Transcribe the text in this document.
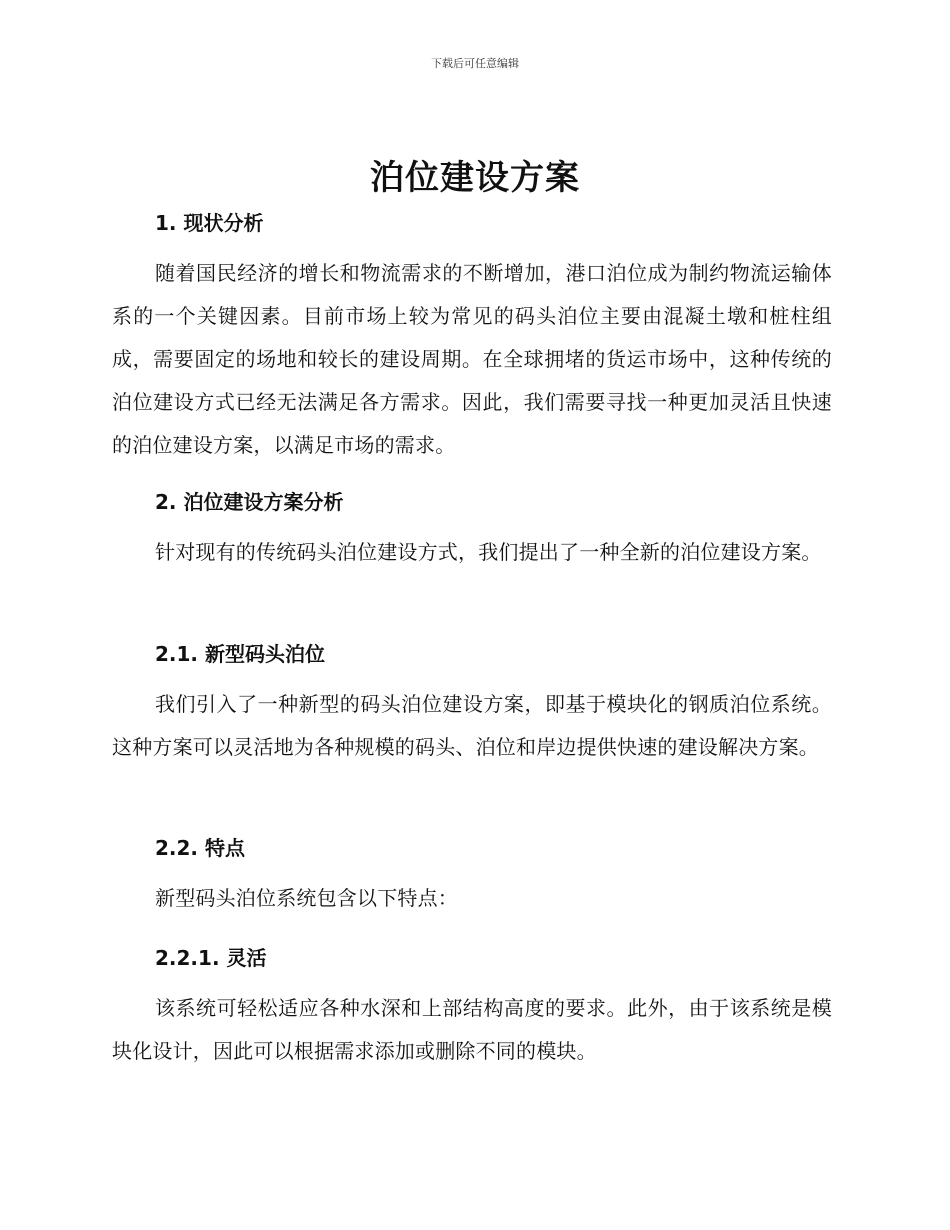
下载后可任意编辑
泊位建设方案
1. 现状分析

随着国民经济的增长和物流需求的不断增加，港口泊位成为制约物流运输体系的一个关键因素。目前市场上较为常见的码头泊位主要由混凝土墩和桩柱组成，需要固定的场地和较长的建设周期。在全球拥堵的货运市场中，这种传统的泊位建设方式已经无法满足各方需求。因此，我们需要寻找一种更加灵活且快速的泊位建设方案，以满足市场的需求。

2. 泊位建设方案分析

针对现有的传统码头泊位建设方式，我们提出了一种全新的泊位建设方案。

2.1. 新型码头泊位

我们引入了一种新型的码头泊位建设方案，即基于模块化的钢质泊位系统。这种方案可以灵活地为各种规模的码头、泊位和岸边提供快速的建设解决方案。

2.2. 特点

新型码头泊位系统包含以下特点：

2.2.1. 灵活

该系统可轻松适应各种水深和上部结构高度的要求。此外，由于该系统是模块化设计，因此可以根据需求添加或删除不同的模块。
